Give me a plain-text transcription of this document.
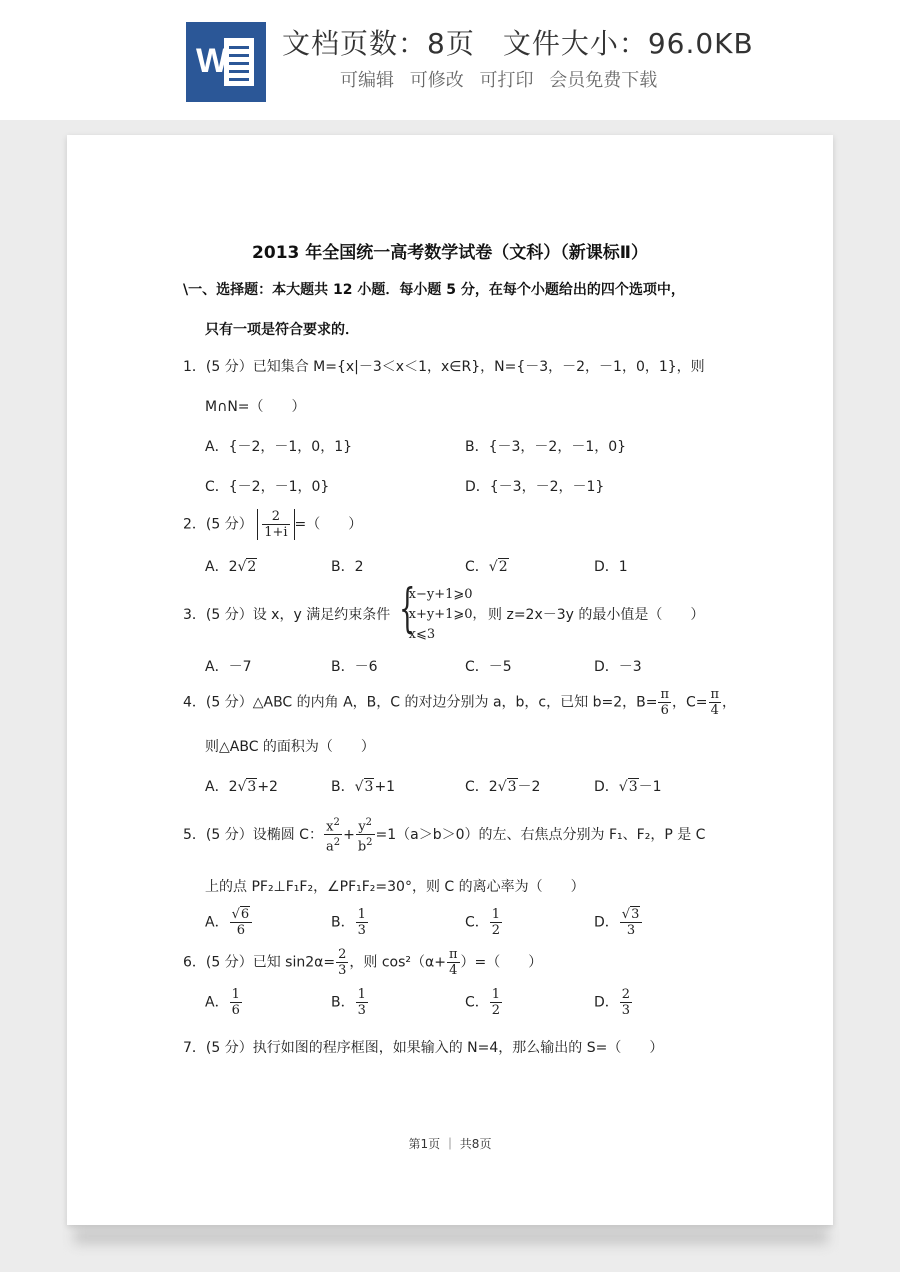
W 文档页数：8页 文件大小：96.0KB
可编辑 可修改 可打印 会员免费下载
2013 年全国统一高考数学试卷（文科）（新课标Ⅱ）
\一、选择题：本大题共 12 小题．每小题 5 分，在每个小题给出的四个选项中，
只有一项是符合要求的．
1．(5 分）已知集合 M={x|－3＜x＜1，x∈R}，N={－3，－2，－1，0，1}，则
M∩N=（　　）
A．{－2，－1，0，1}	B．{－3，－2，－1，0}
C．{－2，－1，0}	D．{－3，－2，－1}
2．(5 分） $\frac{2}{1+i}$ =（　　）
A．2√2	B．2	C．√2	D．1
3．(5 分）设 x，y 满足约束条件 {
x−y+1⩾0
x+y+1⩾0，
x⩽3
则 z=2x－3y 的最小值是（　　）
A．－7	B．－6	C．－5	D．－3
4．(5 分）△ABC 的内角 A，B，C 的对边分别为 a，b，c，已知 b=2，$B= \frac{\pi}{6}$ ，$C= \frac{\pi}{4}$ ，
则△ABC 的面积为（　　）
A．2√3+2	B．√3+1	C．2√3－2	D．√3－1
5．(5 分）设椭圆 C： $\frac{x^2}{a^2} + \frac{y^2}{b^2} =1(a>b>0)$的左、右焦点分别为 F₁、F₂，P 是 C
上的点 PF₂⊥F₁F₂，∠PF₁F₂=30°，则 C 的离心率为（　　）
A． $\frac{√6}{6}$	B． $\frac{1}{3}$	C． $\frac{1}{2}$	D． $\frac{√3}{3}$
6．(5 分）已知 $\sin 2\alpha= \frac{2}{3}$ ，则 $\cos^2(\alpha+ \frac{\pi}{4}$ ）=（　　）
A． $\frac{1}{6}$	B． $\frac{1}{3}$	C． $\frac{1}{2}$	D． $\frac{2}{3}$
7．(5 分）执行如图的程序框图，如果输入的 N=4，那么输出的 S=（　　）
第1页 ｜ 共8页
